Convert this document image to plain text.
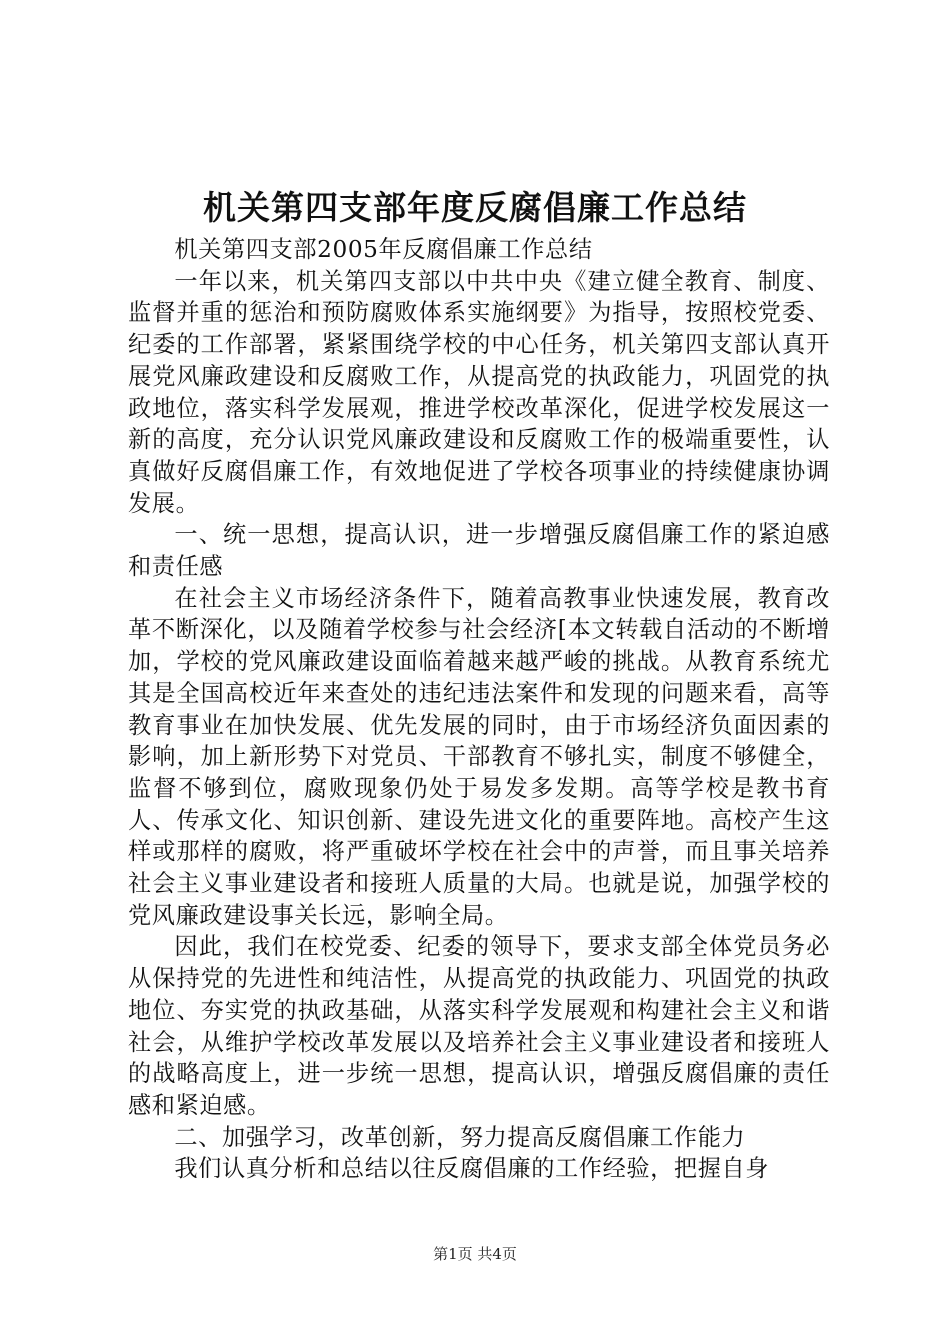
机关第四支部年度反腐倡廉工作总结

机关第四支部2005年反腐倡廉工作总结

一年以来，机关第四支部以中共中央《建立健全教育、制度、监督并重的惩治和预防腐败体系实施纲要》为指导，按照校党委、纪委的工作部署，紧紧围绕学校的中心任务，机关第四支部认真开展党风廉政建设和反腐败工作，从提高党的执政能力，巩固党的执政地位，落实科学发展观，推进学校改革深化，促进学校发展这一新的高度，充分认识党风廉政建设和反腐败工作的极端重要性，认真做好反腐倡廉工作，有效地促进了学校各项事业的持续健康协调发展。

一、统一思想，提高认识，进一步增强反腐倡廉工作的紧迫感和责任感

在社会主义市场经济条件下，随着高教事业快速发展，教育改革不断深化，以及随着学校参与社会经济[本文转载自活动的不断增加，学校的党风廉政建设面临着越来越严峻的挑战。从教育系统尤其是全国高校近年来查处的违纪违法案件和发现的问题来看，高等教育事业在加快发展、优先发展的同时，由于市场经济负面因素的影响，加上新形势下对党员、干部教育不够扎实，制度不够健全，监督不够到位，腐败现象仍处于易发多发期。高等学校是教书育人、传承文化、知识创新、建设先进文化的重要阵地。高校产生这样或那样的腐败，将严重破坏学校在社会中的声誉，而且事关培养社会主义事业建设者和接班人质量的大局。也就是说，加强学校的党风廉政建设事关长远，影响全局。

因此，我们在校党委、纪委的领导下，要求支部全体党员务必从保持党的先进性和纯洁性，从提高党的执政能力、巩固党的执政地位、夯实党的执政基础，从落实科学发展观和构建社会主义和谐社会，从维护学校改革发展以及培养社会主义事业建设者和接班人的战略高度上，进一步统一思想，提高认识，增强反腐倡廉的责任感和紧迫感。

二、加强学习，改革创新，努力提高反腐倡廉工作能力

我们认真分析和总结以往反腐倡廉的工作经验，把握自身

第1页 共4页
